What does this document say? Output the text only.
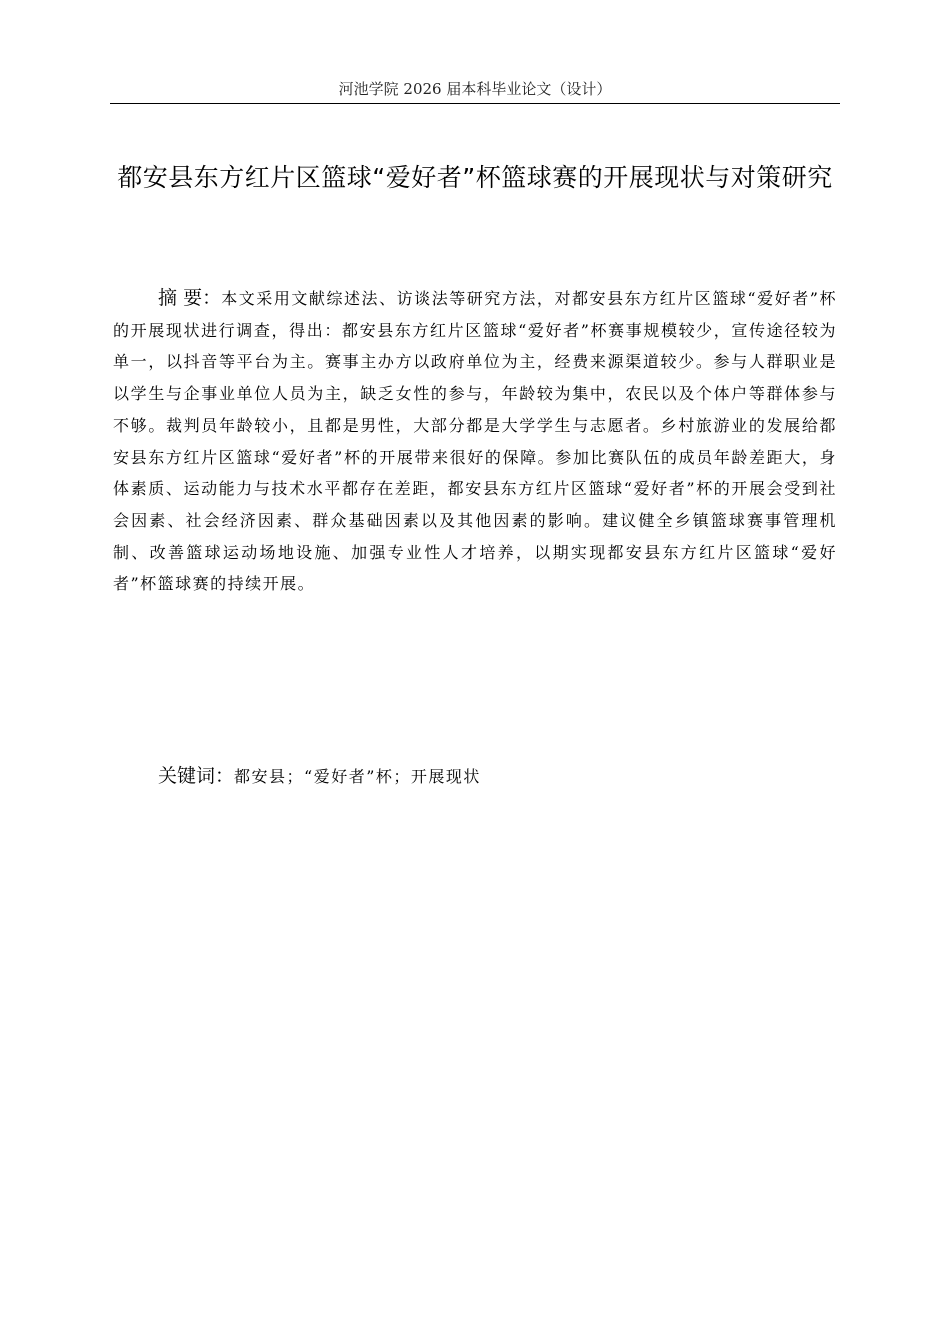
河池学院 2026 届本科毕业论文（设计）
都安县东方红片区篮球“爱好者”杯篮球赛的开展现状与对策研究
摘 要：本文采用文献综述法、访谈法等研究方法，对都安县东方红片区篮球“爱好者”杯的开展现状进行调查，得出：都安县东方红片区篮球“爱好者”杯赛事规模较少，宣传途径较为单一，以抖音等平台为主。赛事主办方以政府单位为主，经费来源渠道较少。参与人群职业是以学生与企事业单位人员为主，缺乏女性的参与，年龄较为集中，农民以及个体户等群体参与不够。裁判员年龄较小，且都是男性，大部分都是大学学生与志愿者。乡村旅游业的发展给都安县东方红片区篮球“爱好者”杯的开展带来很好的保障。参加比赛队伍的成员年龄差距大，身体素质、运动能力与技术水平都存在差距，都安县东方红片区篮球“爱好者”杯的开展会受到社会因素、社会经济因素、群众基础因素以及其他因素的影响。建议健全乡镇篮球赛事管理机制、改善篮球运动场地设施、加强专业性人才培养，以期实现都安县东方红片区篮球“爱好者”杯篮球赛的持续开展。
关键词：都安县；“爱好者”杯；开展现状
